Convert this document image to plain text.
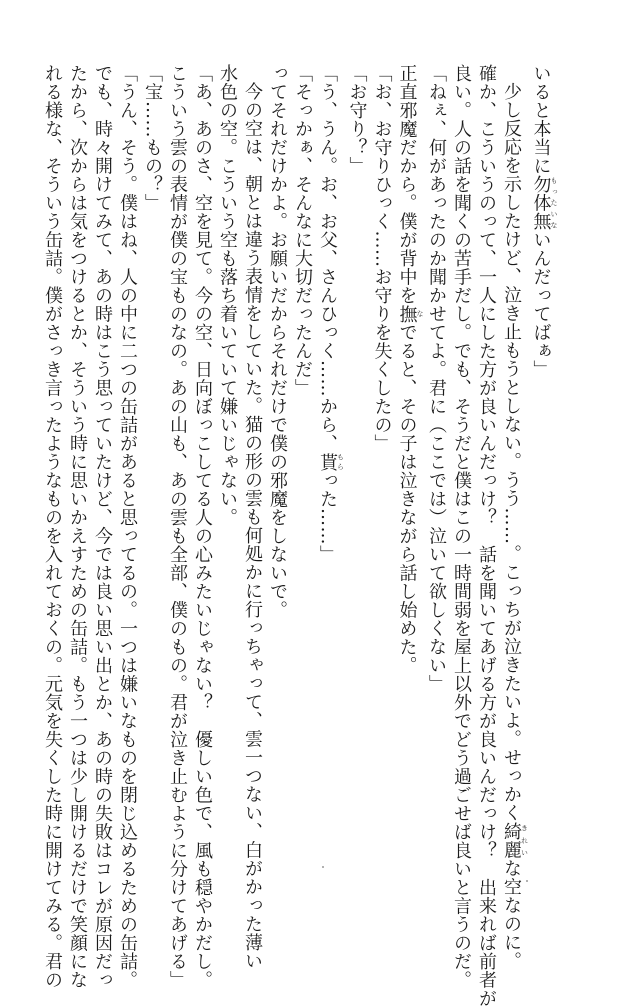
いると本当に勿体無もったいないんだってばぁ」

少し反応を示したけど、泣き止もうとしない。うう……。こっちが泣きたいよ。せっかく綺麗きれいな空なのに。

確か、こういうのって、一人にした方が良いんだっけ？　話を聞いてあげる方が良いんだっけ？　出来れば前者が

良い。人の話を聞くの苦手だし。でも、そうだと僕はこの一時間弱を屋上以外でどう過ごせば良いと言うのだ。

「ねぇ、何があったのか聞かせてよ。君に（ここでは）泣いて欲しくない」

正直邪魔だから。僕が背中を撫なでると、その子は泣きながら話し始めた。

「お、お守りひっく……お守りを失くしたの」

「お守り？」

「う、うん。お、お父、さんひっく……から、貰もらった……」

「そっかぁ、そんなに大切だったんだ」

ってそれだけかよ。お願いだからそれだけで僕の邪魔をしないで。

今の空は、朝とは違う表情をしていた。猫の形の雲も何処かに行っちゃって、雲一つない、白がかった薄い

水色の空。こういう空も落ち着いていて嫌いじゃない。

「あ、あのさ、空を見て。今の空、日向ぼっこしてる人の心みたいじゃない？　優しい色で、風も穏やかだし。

こういう雲の表情が僕の宝ものなの。あの山も、あの雲も全部、僕のもの。君が泣き止むように分けてあげる」

「宝……もの？」

「うん、そう。僕はね、人の中に二つの缶詰があると思ってるの。一つは嫌いなものを閉じ込めるための缶詰。

でも、時々開けてみて、あの時はこう思っていたけど、今では良い思い出とか、あの時の失敗はコレが原因だっ

たから、次からは気をつけるとか、そういう時に思いかえすための缶詰。もう一つは少し開けるだけで笑顔にな

れる様な、そういう缶詰。僕がさっき言ったようなものを入れておくの。元気を失くした時に開けてみる。君の
